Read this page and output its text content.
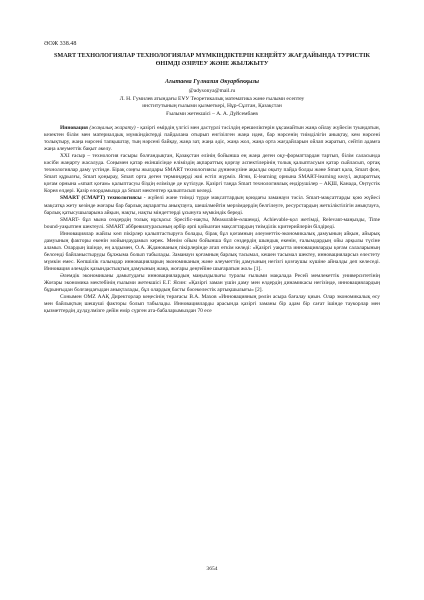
ӘОЖ 338.48
SMART ТЕХНОЛОГИЯЛАР ТЕХНОЛОГИЯЛАР МҮМКІНДІКТЕРІН КЕҢЕЙТУ ЖАҒДАЙЫНДА ТУРИСТІК ӨНІМДІ ӘЗІРЛЕУ ЖӘНЕ ЖЫЛЖЫТУ
Агытаева Гүлназия Әкуарбекқызы
@adysonya@mail.ru
Л. Н. Гумилев атындағы ЕҰУ Теоретикалық математика және ғылыми есептеу
институтының ғылыми қызметкері, Нұр-Сұлтан, Қазақстан
Ғылыми жетекшісі – А. А. Дүйсембаев

Инновация (жаңалық жарату) - қазіргі өмірдің үлгісі мен дастүрлі тәсілдің ерешеліктерін ұқсамайтын жаңа ойлау жүйесін туындатын, кезектен білім мен материалдық мүмкіндіктерді пайдалана отырып енгізілген жаңа идея, бар нәрсенің тиімділігін анықтау, кем нәрсені толықтыру, жаңа нәрсені тапқыштау, тың нәрсені байқау, жаңа зат, жаңа әдіс, жаңа жол, жаңа орта жағдайларын ойлап жаратып, сейтіп адамға жаңа әлеуметтік бақыт әкелу.

XXI ғасыр – технология ғасыры болғандықтан, Қазақстан елінің бойынша ең жаңа деген оқу-форматтардан тартып, білім саласында кәсіби жаңарту жасалуда. Соңымен қатар екіншісінде еліміздің ақпараттық қорғау аспектілерінің толық қалыптасуын қатар сыйласып, ортақ технологиялар даму үстінде. Бірақ соңғы жылдары SMART технологиясы дүниежүзіне ақылды оқыту пайда болды және Smart қала, Smart фон, Smart құрылғы, Smart қоңырау, Smart орта деген терминдерді жиі естіп жүрміз. Ягни, E-learning орнына SMART-learning келуі, ақпараттық қоғам орнына «smart қоғам» қалыптасуы біздің елімізде де күтілуде. Қазіргі таңда Smart технологиялық ендірушілер – АҚШ, Канада, Оңтүстік Корея елдері. Қазір елордамызда да Smart мектептер қалыптасып келеді.

SMART (СМАРТ) технологиясы - жүйелі және тиімді түрде мақсаттардың қоюдағы заманауи тәсіл. Smart-мақсаттарды қою жүйесі мақсатқа жету кезінде жоғары бар барлық ақпаратты анықтауға, шешілмейтін мерзімдердің белгілеуге, ресурстардың жеткіліктілігін анықтауға, барлық қатысушыларына айқын, нақты, нақты міндеттерді ұсынуға мүмкіндік береді.

SMART- бұл мына сөздердің толық нұсқасы: Specific-нақты, Measurable-өлшемді, Achievable-қол жетімді, Relevant-маңызды, Time bound-уақытпен шектеулі. SMART аббревиатурасының әрбір әрпі қойылған мақсаттардың тиімділік критерийлерін білдіреді.

Инновациялар жайлы көп пікірлер қалыптастыруға болады, бірақ бұл қоғамның әлеуметтік-экономикалық дамуының айқын, айырық дамуының факторы екенін мойындаудамыз керек. Менім ойым бойынша бұл сөздердің шындық екенін, ғалымдардың ойы арқылы түсіне аламыз. Олардың ішінде, ең алдымен, О.А. Жданованың пікірлерінде атап өткім келеді: «Қазіргі уақытта инновацияларды қоғам салаларының белсенді байланыстыруды бұлжыма болып табылады. Заманауи қоғамның барлық тасымал, кешен тасымал шектеу, инновацияларсыз елестету мүмкін емес. Көпшілік ғалымдар инновацияларың экономиканың және әлеуметтің дамуының негізгі қозғаушы күшіне айналды деп келеседі. Инновация әлемдік қазындастықтың дамуының жаңа, жоғары деңгейіне шығаратын жол» [1].

Әлемдік экономиканы дамытудағы инновациялардың маңыздылығы туралы ғылыми мақалада Ресей мемлекеттік университетінің Жоғары экономика мектебінің ғылыми жетекшісі Е.Г. Ясин: «Қазіргі заман үшін даму мен елдердің динамикасы негізінде, инновациялардың бұрынғыдан болғандағыдан анықталады, бұл олардың басты бәсекелестік артықшылығы» [2].

Сонымен OMZ ААҚ Директорлар кеңесінің төрағасы В.А. Махов «Инновацияның рөлін асыра бағалау қиын. Олар экономикалық өсу мен байлықтың шешуші факторы болып табылады. Инновацияларды арасында қазіргі заманы бір адам бір сағат ішінде таукорлар мен қызметтердің дүлдүлмізге дейін емір сүрген ата-бабаларымыздан 70 есе

3654
